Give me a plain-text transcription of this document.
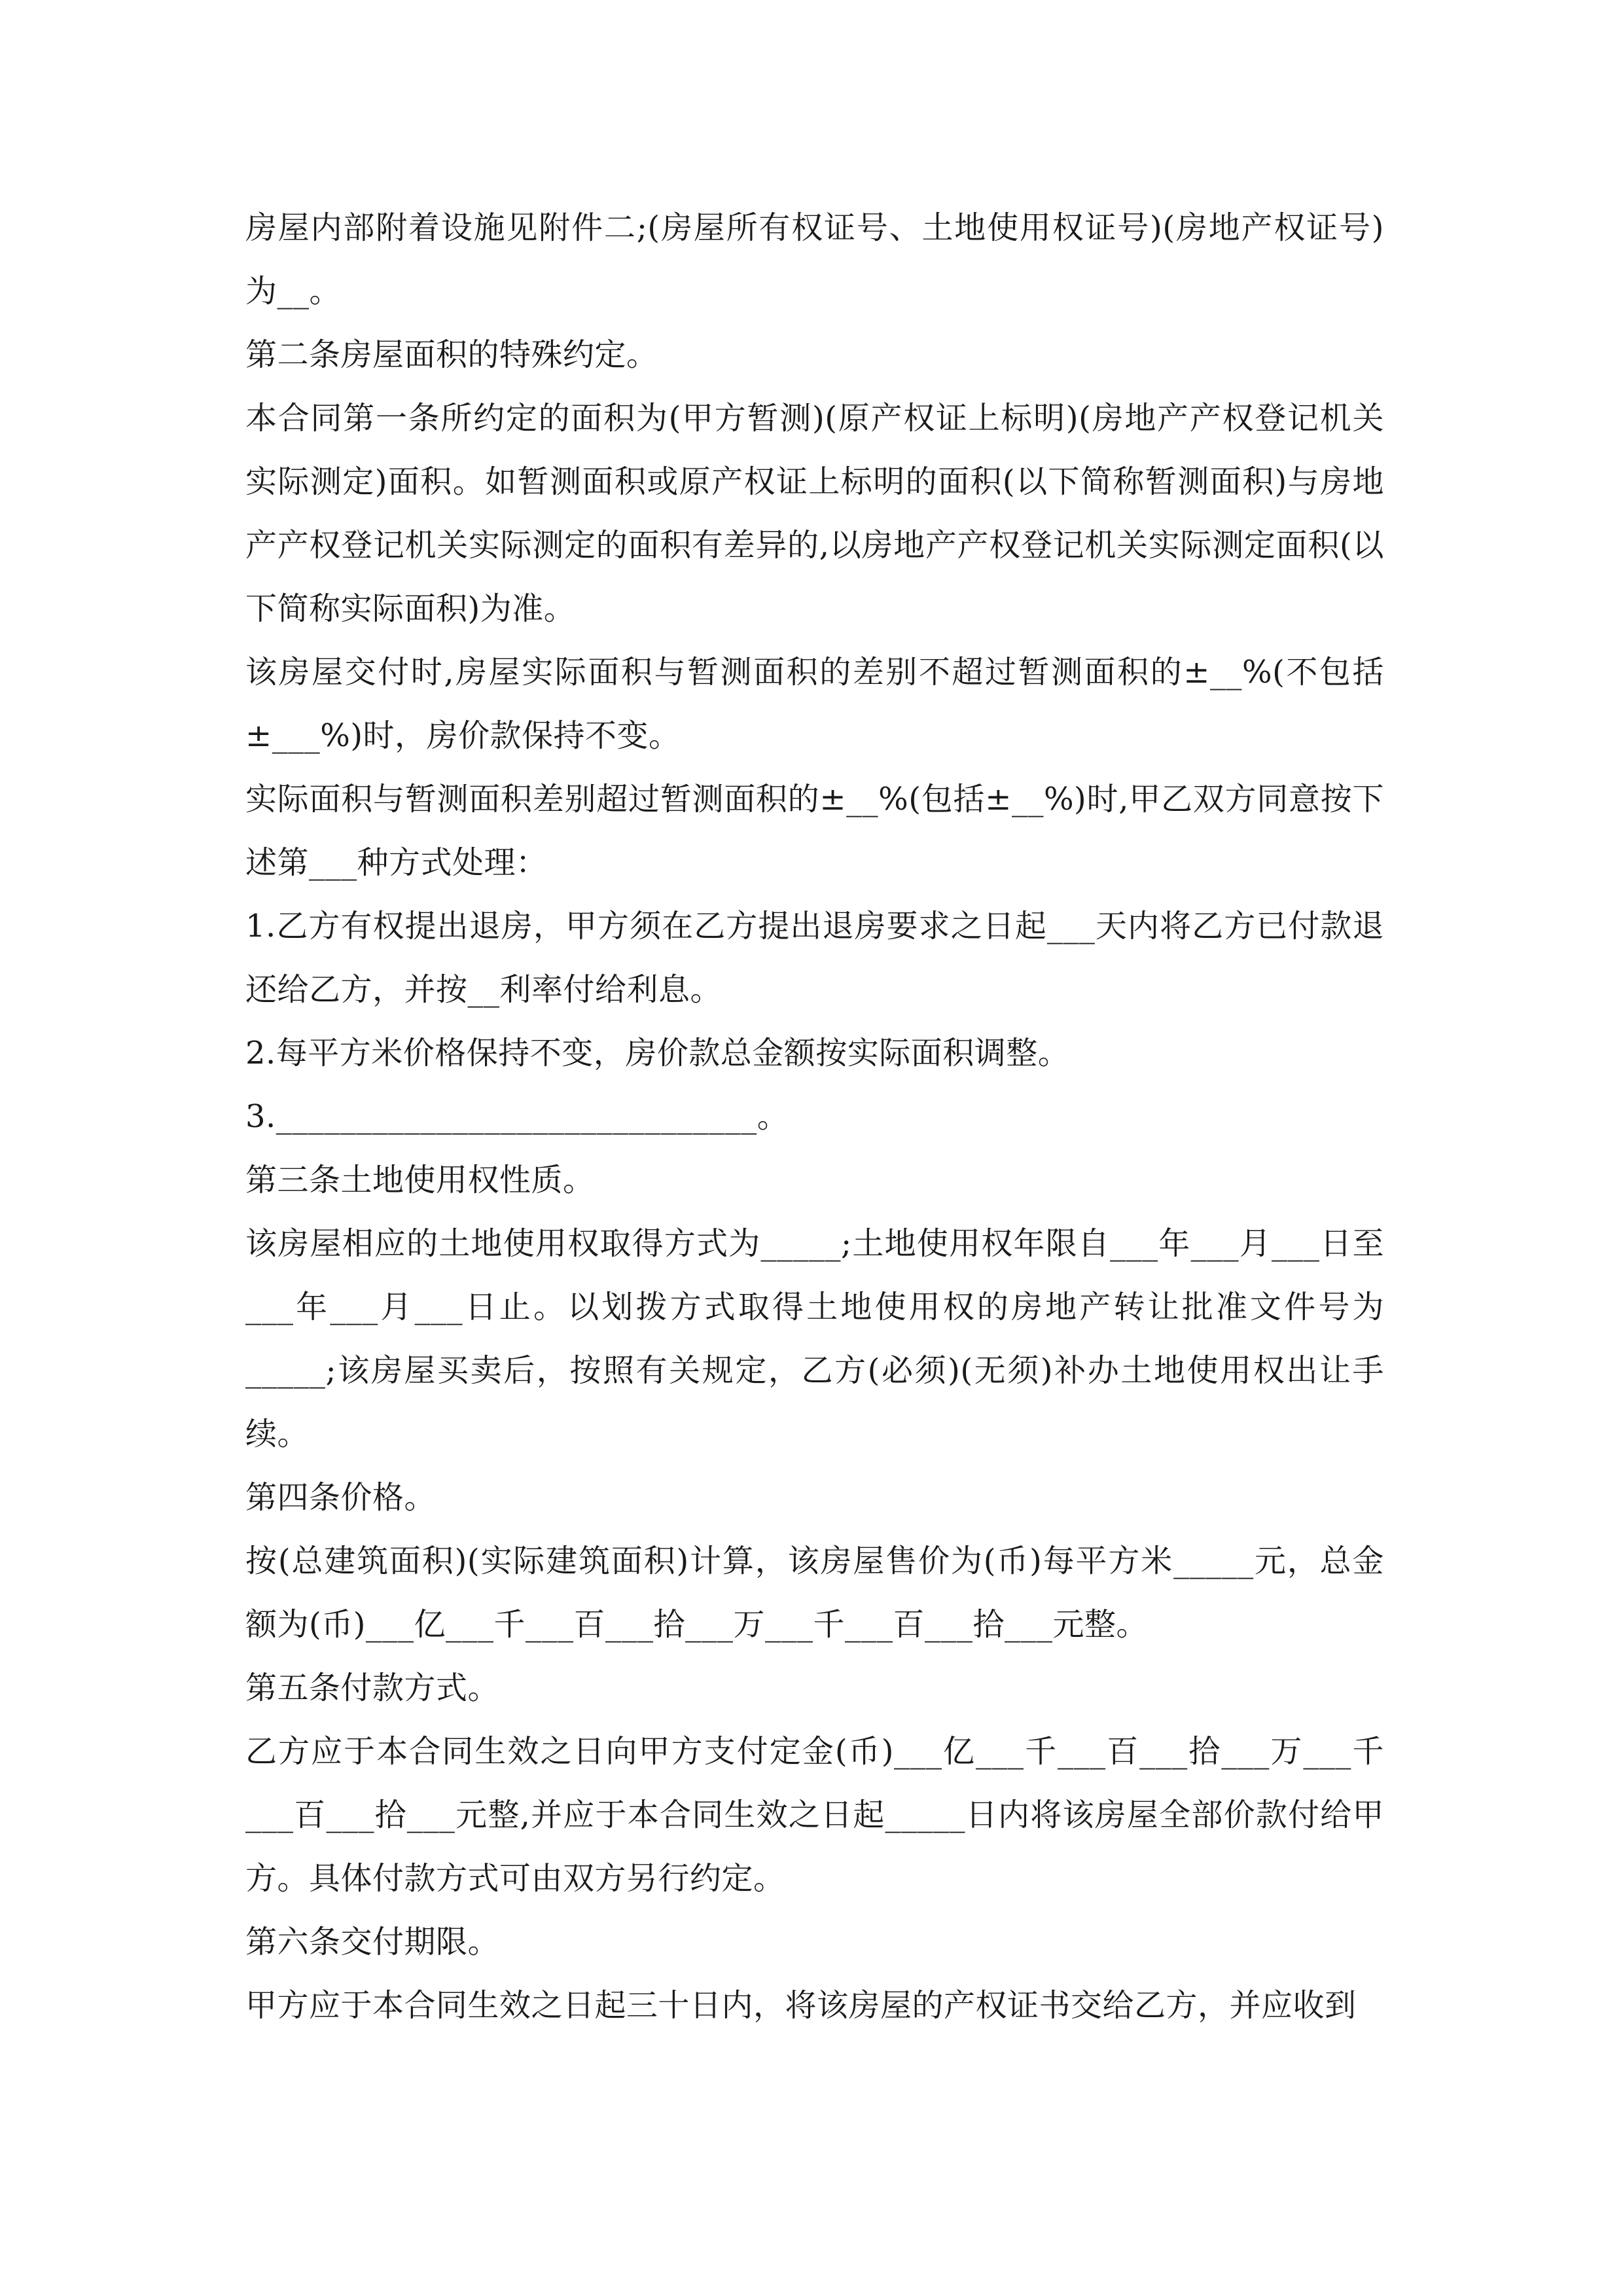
房屋内部附着设施见附件二;(房屋所有权证号、土地使用权证号)(房地产权证号)为__。

第二条房屋面积的特殊约定。

本合同第一条所约定的面积为(甲方暂测)(原产权证上标明)(房地产产权登记机关实际测定)面积。如暂测面积或原产权证上标明的面积(以下简称暂测面积)与房地产产权登记机关实际测定的面积有差异的,以房地产产权登记机关实际测定面积(以下简称实际面积)为准。

该房屋交付时,房屋实际面积与暂测面积的差别不超过暂测面积的±__%(不包括±___%)时，房价款保持不变。

实际面积与暂测面积差别超过暂测面积的±__%(包括±__%)时,甲乙双方同意按下述第___种方式处理：

1.乙方有权提出退房，甲方须在乙方提出退房要求之日起___天内将乙方已付款退还给乙方，并按__利率付给利息。

2.每平方米价格保持不变，房价款总金额按实际面积调整。

3.______________________________。

第三条土地使用权性质。

该房屋相应的土地使用权取得方式为_____;土地使用权年限自___年___月___日至___年___月___日止。以划拨方式取得土地使用权的房地产转让批准文件号为_____;该房屋买卖后，按照有关规定，乙方(必须)(无须)补办土地使用权出让手续。

第四条价格。

按(总建筑面积)(实际建筑面积)计算，该房屋售价为(币)每平方米_____元，总金额为(币)___亿___千___百___拾___万___千___百___拾___元整。

第五条付款方式。

乙方应于本合同生效之日向甲方支付定金(币)___亿___千___百___拾___万___千___百___拾___元整,并应于本合同生效之日起_____日内将该房屋全部价款付给甲方。具体付款方式可由双方另行约定。

第六条交付期限。

甲方应于本合同生效之日起三十日内，将该房屋的产权证书交给乙方，并应收到
